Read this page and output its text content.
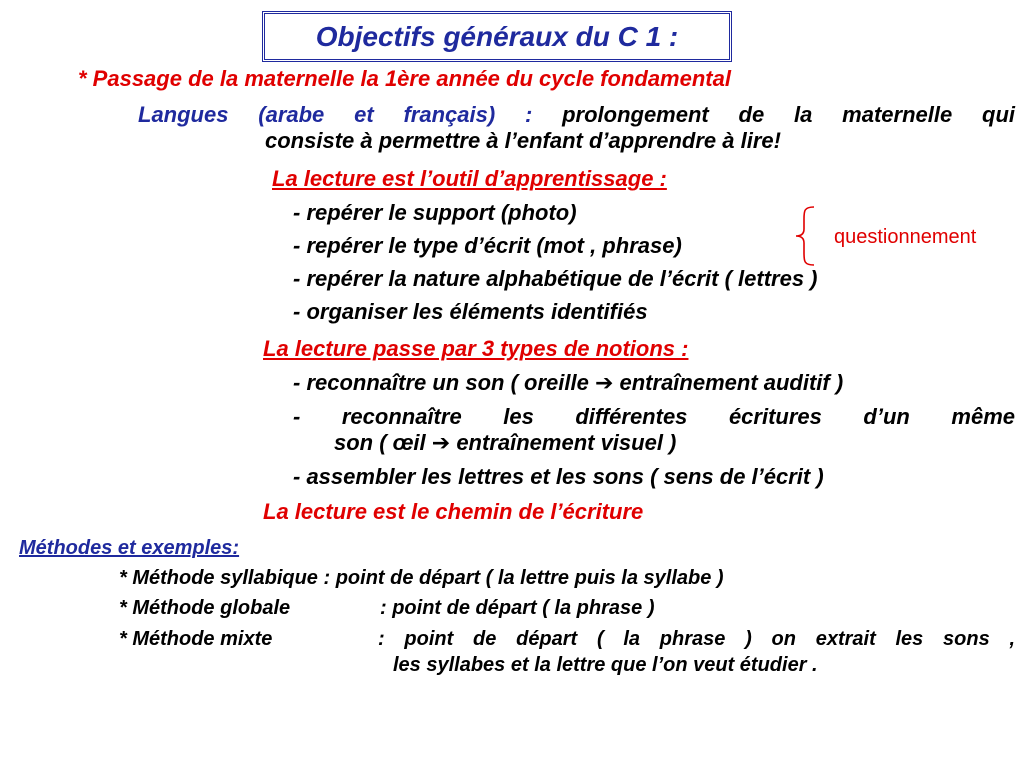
Objectifs généraux du C 1 :
* Passage de la maternelle la 1ère année du cycle fondamental
Langues (arabe et français) : prolongement de la maternelle qui
consiste à permettre à l’enfant d’apprendre à lire!
La lecture est l’outil d’apprentissage :
- repérer le support (photo)
- repérer le type d’écrit (mot , phrase)
- repérer la nature alphabétique de l’écrit ( lettres )
- organiser les éléments identifiés
questionnement
La lecture passe par 3 types de notions :
- reconnaître un son ( oreille ➔ entraînement auditif )
-  reconnaître  les  différentes  écritures  d’un  même
son ( œil ➔ entraînement visuel )
- assembler les lettres et les sons ( sens de l’écrit )
La lecture est le chemin de l’écriture
Méthodes et exemples:
* Méthode syllabique : point de départ ( la lettre puis la syllabe )
* Méthode globale	: point de départ ( la phrase )
* Méthode mixte	:  point  de  départ  (  la  phrase  )  on  extrait  les  sons  ,
les syllabes et la lettre que l’on veut étudier .
